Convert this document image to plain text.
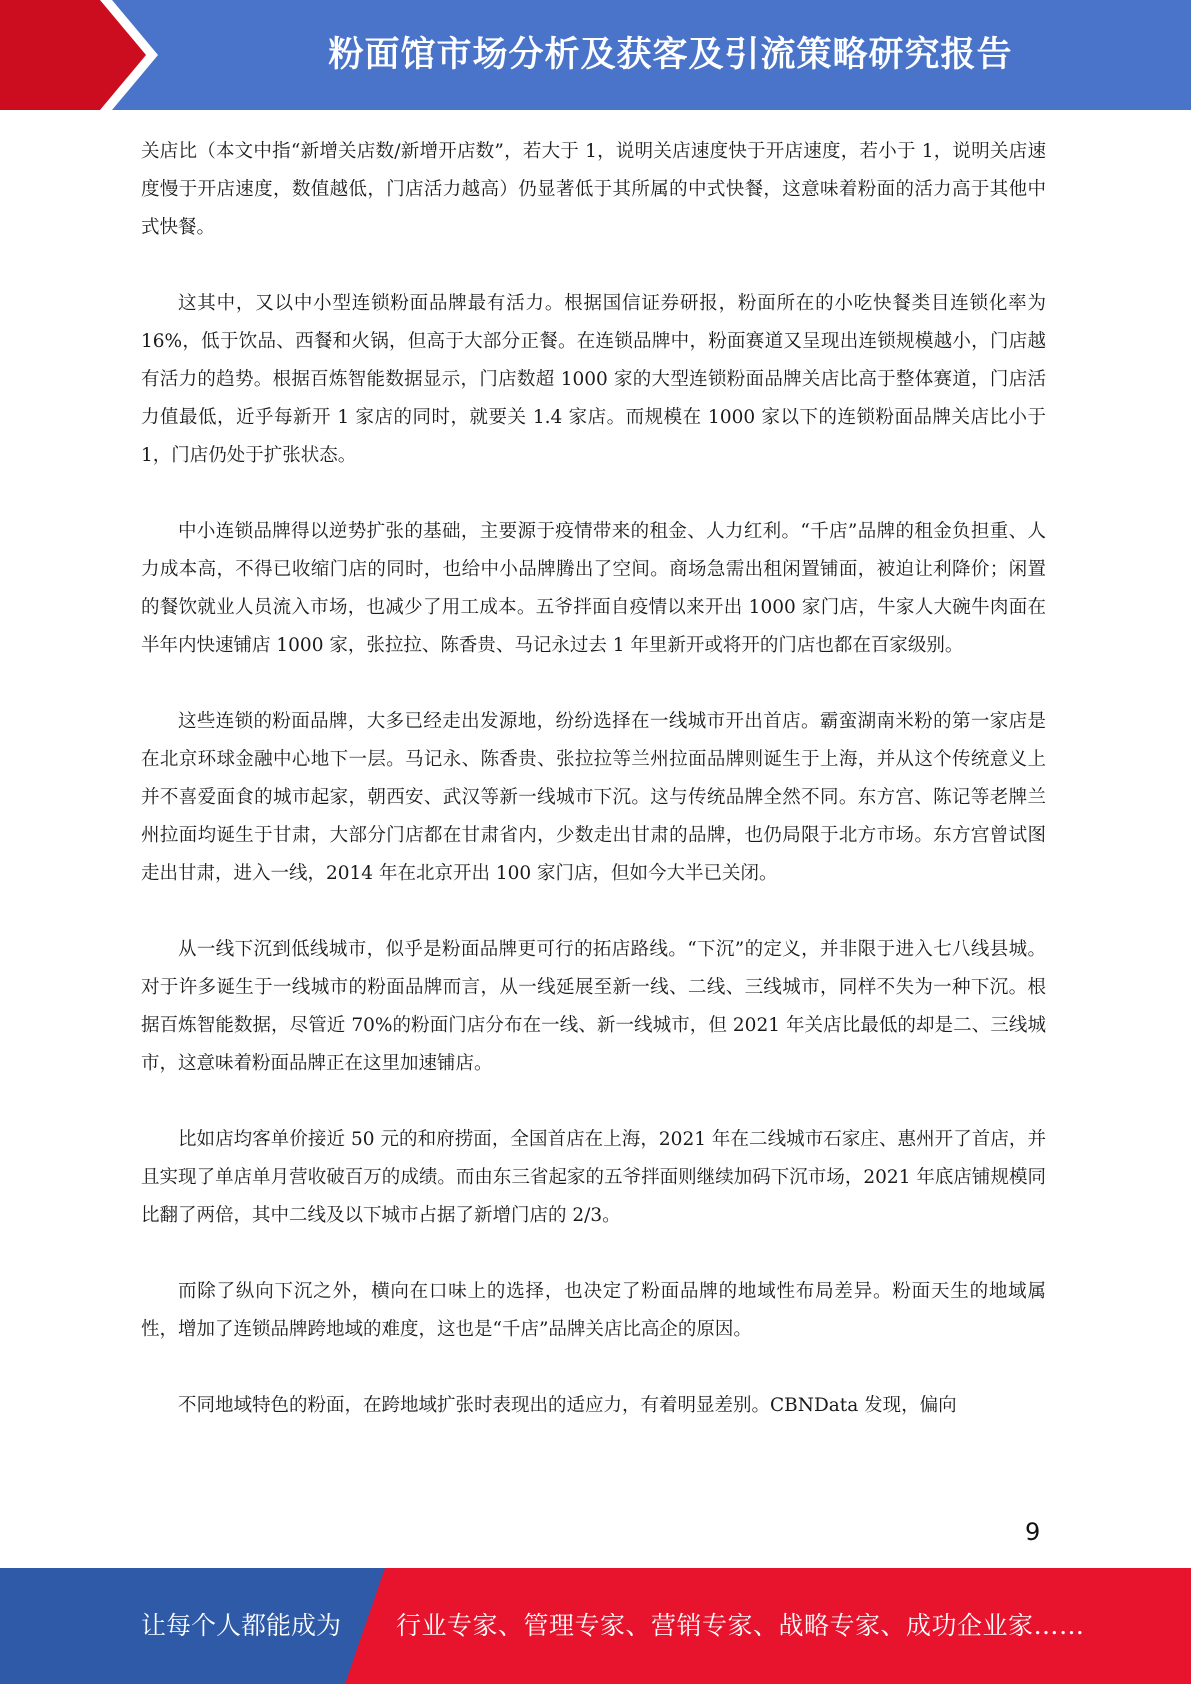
粉面馆市场分析及获客及引流策略研究报告

关店比（本文中指“新增关店数/新增开店数”，若大于 1，说明关店速度快于开店速度，若小于 1，说明关店速度慢于开店速度，数值越低，门店活力越高）仍显著低于其所属的中式快餐，这意味着粉面的活力高于其他中式快餐。

这其中，又以中小型连锁粉面品牌最有活力。根据国信证券研报，粉面所在的小吃快餐类目连锁化率为 16%，低于饮品、西餐和火锅，但高于大部分正餐。在连锁品牌中，粉面赛道又呈现出连锁规模越小，门店越有活力的趋势。根据百炼智能数据显示，门店数超 1000 家的大型连锁粉面品牌关店比高于整体赛道，门店活力值最低，近乎每新开 1 家店的同时，就要关 1.4 家店。而规模在 1000 家以下的连锁粉面品牌关店比小于 1，门店仍处于扩张状态。

中小连锁品牌得以逆势扩张的基础，主要源于疫情带来的租金、人力红利。“千店”品牌的租金负担重、人力成本高，不得已收缩门店的同时，也给中小品牌腾出了空间。商场急需出租闲置铺面，被迫让利降价；闲置的餐饮就业人员流入市场，也减少了用工成本。五爷拌面自疫情以来开出 1000 家门店，牛家人大碗牛肉面在半年内快速铺店 1000 家，张拉拉、陈香贵、马记永过去 1 年里新开或将开的门店也都在百家级别。

这些连锁的粉面品牌，大多已经走出发源地，纷纷选择在一线城市开出首店。霸蛮湖南米粉的第一家店是在北京环球金融中心地下一层。马记永、陈香贵、张拉拉等兰州拉面品牌则诞生于上海，并从这个传统意义上并不喜爱面食的城市起家，朝西安、武汉等新一线城市下沉。这与传统品牌全然不同。东方宫、陈记等老牌兰州拉面均诞生于甘肃，大部分门店都在甘肃省内，少数走出甘肃的品牌，也仍局限于北方市场。东方宫曾试图走出甘肃，进入一线，2014 年在北京开出 100 家门店，但如今大半已关闭。

从一线下沉到低线城市，似乎是粉面品牌更可行的拓店路线。“下沉”的定义，并非限于进入七八线县城。对于许多诞生于一线城市的粉面品牌而言，从一线延展至新一线、二线、三线城市，同样不失为一种下沉。根据百炼智能数据，尽管近 70%的粉面门店分布在一线、新一线城市，但 2021 年关店比最低的却是二、三线城市，这意味着粉面品牌正在这里加速铺店。

比如店均客单价接近 50 元的和府捞面，全国首店在上海，2021 年在二线城市石家庄、惠州开了首店，并且实现了单店单月营收破百万的成绩。而由东三省起家的五爷拌面则继续加码下沉市场，2021 年底店铺规模同比翻了两倍，其中二线及以下城市占据了新增门店的 2/3。

而除了纵向下沉之外，横向在口味上的选择，也决定了粉面品牌的地域性布局差异。粉面天生的地域属性，增加了连锁品牌跨地域的难度，这也是“千店”品牌关店比高企的原因。

不同地域特色的粉面，在跨地域扩张时表现出的适应力，有着明显差别。CBNData 发现，偏向

9
让每个人都能成为 行业专家、管理专家、营销专家、战略专家、成功企业家……
